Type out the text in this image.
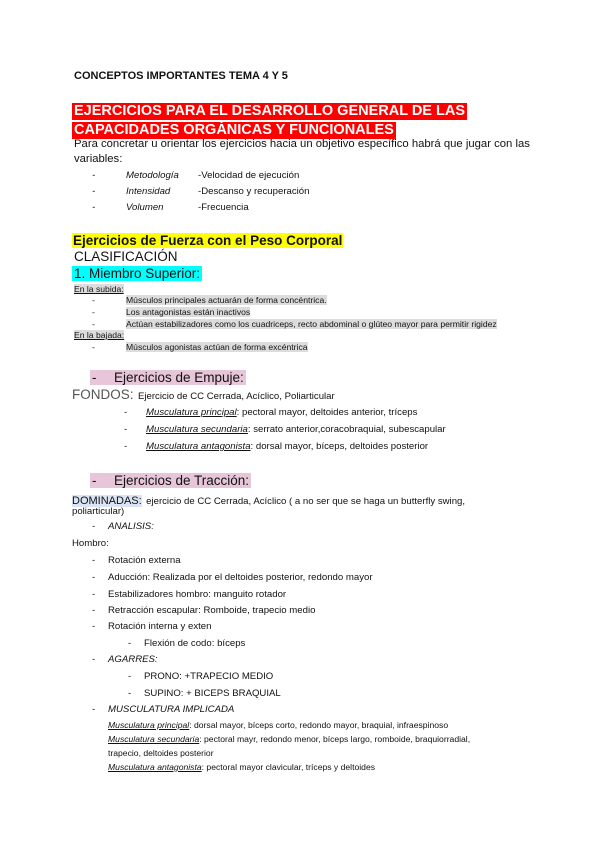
CONCEPTOS IMPORTANTES TEMA 4 Y 5
EJERCICIOS PARA EL DESARROLLO GENERAL DE LAS
CAPACIDADES ORGÁNICAS Y FUNCIONALES
Para concretar u orientar los ejercicios hacia un objetivo específico habrá que jugar con las
variables:
-	Metodología -Velocidad de ejecución
-	Intensidad	-Descanso y recuperación
-	Volumen	-Frecuencia
Ejercicios de Fuerza con el Peso Corporal
CLASIFICACIÓN
1. Miembro Superior:
En la subida:
-	Músculos principales actuarán de forma concéntrica.
-	Los antagonistas están inactivos
-	Actúan estabilizadores como los cuadriceps, recto abdominal o glúteo mayor para permitir rigidez
En la bajada:
-	Músculos agonistas actúan de forma excéntrica
- Ejercicios de Empuje:
FONDOS: Ejercicio de CC Cerrada, Acíclico, Poliarticular
- Musculatura principal: pectoral mayor, deltoides anterior, tríceps
- Musculatura secundaria: serrato anterior,coracobraquial, subescapular
- Musculatura antagonista: dorsal mayor, bíceps, deltoides posterior
- Ejercicios de Tracción:
DOMINADAS: ejercicio de CC Cerrada, Acíclico ( a no ser que se haga un butterfly swing,
poliarticular)
- ANALISIS:
Hombro:
- Rotación externa
- Aducción: Realizada por el deltoides posterior, redondo mayor
- Estabilizadores hombro: manguito rotador
- Retracción escapular: Romboide, trapecio medio
- Rotación interna y exten
- Flexión de codo: bíceps
- AGARRES:
- PRONO: +TRAPECIO MEDIO
- SUPINO: + BICEPS BRAQUIAL
- MUSCULATURA IMPLICADA
Musculatura principal: dorsal mayor, bíceps corto, redondo mayor, braquial, infraespinoso
Musculatura secundaria: pectoral mayr, redondo menor, bíceps largo, romboide, braquiorradial,
trapecio, deltoides posterior
Musculatura antagonista: pectoral mayor clavicular, tríceps y deltoides
